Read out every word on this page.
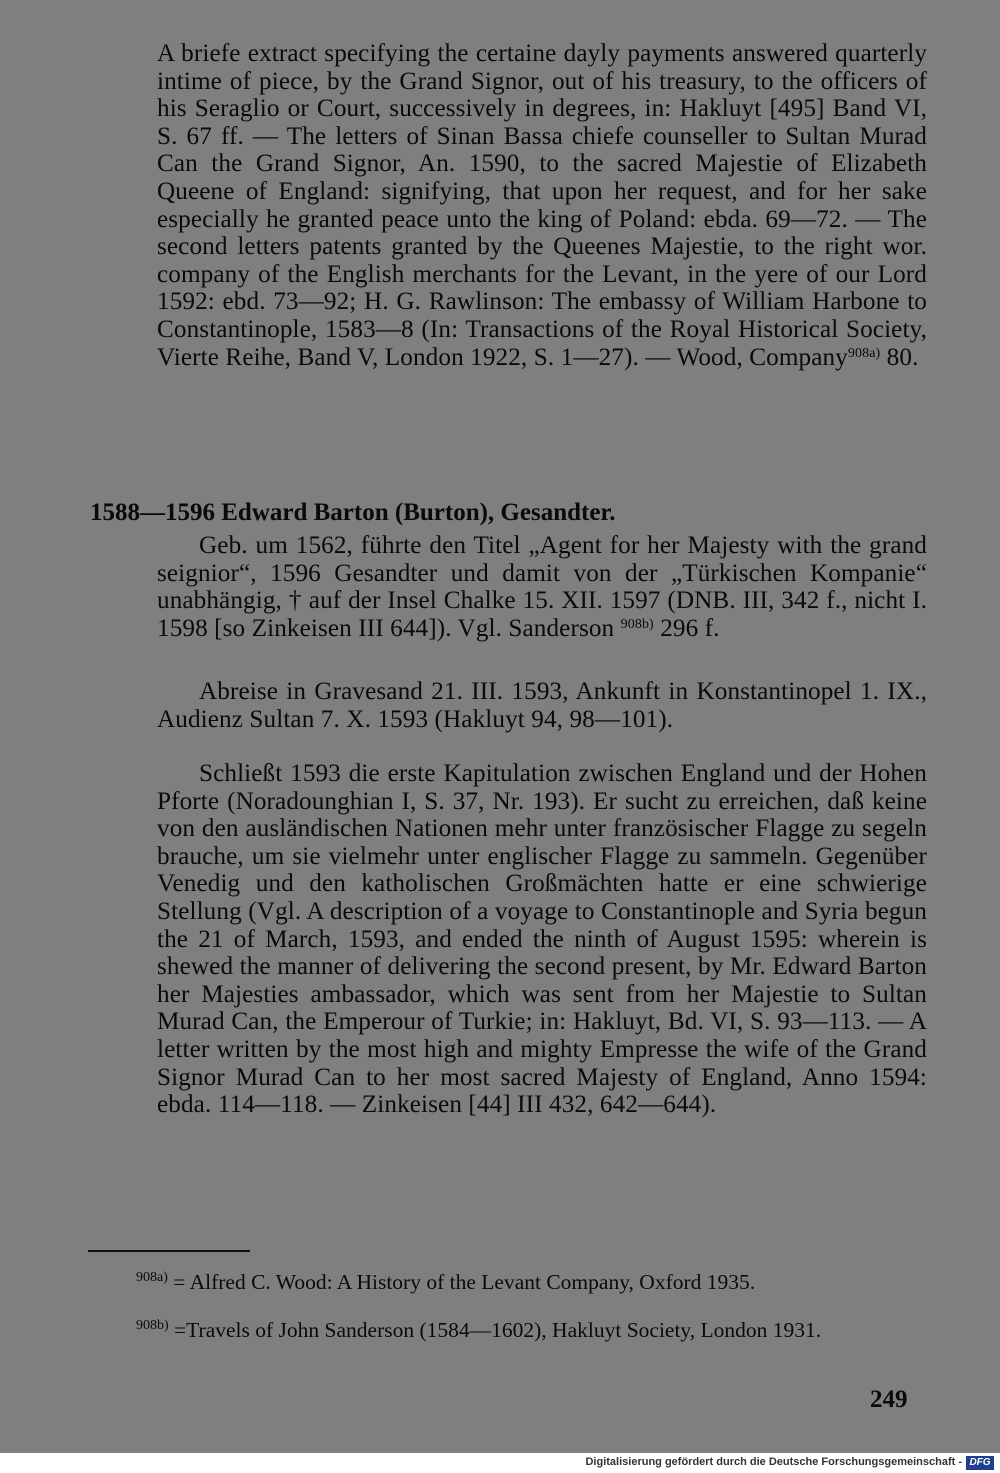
A briefe extract specifying the certaine dayly payments answered quarterly intime of piece, by the Grand Signor, out of his treasury, to the officers of his Seraglio or Court, successively in degrees, in: Hakluyt [495] Band VI, S. 67 ff. — The letters of Sinan Bassa chiefe counseller to Sultan Murad Can the Grand Signor, An. 1590, to the sacred Majestie of Elizabeth Queene of England: signifying, that upon her request, and for her sake especially he granted peace unto the king of Poland: ebda. 69—72. — The second letters patents granted by the Queenes Majestie, to the right wor. company of the English merchants for the Levant, in the yere of our Lord 1592: ebd. 73—92; H. G. Rawlinson: The embassy of William Harbone to Constantinople, 1583—8 (In: Transactions of the Royal Historical Society, Vierte Reihe, Band V, London 1922, S. 1—27). — Wood, Company$^{908a)}$ 80.

1588—1596 Edward Barton (Burton), Gesandter.

Geb. um 1562, führte den Titel „Agent for her Majesty with the grand seignior“, 1596 Gesandter und damit von der „Türkischen Kompanie“ unabhängig, † auf der Insel Chalke 15. XII. 1597 (DNB. III, 342 f., nicht I. 1598 [so Zinkeisen III 644]). Vgl. Sanderson $^{908b)}$ 296 f.

Abreise in Gravesand 21. III. 1593, Ankunft in Konstantinopel 1. IX., Audienz Sultan 7. X. 1593 (Hakluyt 94, 98—101).

Schließt 1593 die erste Kapitulation zwischen England und der Hohen Pforte (Noradounghian I, S. 37, Nr. 193). Er sucht zu erreichen, daß keine von den ausländischen Nationen mehr unter französischer Flagge zu segeln brauche, um sie vielmehr unter englischer Flagge zu sammeln. Gegenüber Venedig und den katholischen Großmächten hatte er eine schwierige Stellung (Vgl. A description of a voyage to Constantinople and Syria begun the 21 of March, 1593, and ended the ninth of August 1595: wherein is shewed the manner of delivering the second present, by Mr. Edward Barton her Majesties ambassador, which was sent from her Majestie to Sultan Murad Can, the Emperour of Turkie; in: Hakluyt, Bd. VI, S. 93—113. — A letter written by the most high and mighty Empresse the wife of the Grand Signor Murad Can to her most sacred Majesty of England, Anno 1594: ebda. 114—118. — Zinkeisen [44] III 432, 642—644).

$^{908a)}$ = Alfred C. Wood: A History of the Levant Company, Oxford 1935.

$^{908b)}$ =Travels of John Sanderson (1584—1602), Hakluyt Society, London 1931.

249
Digitalisierung gefördert durch die Deutsche Forschungsgemeinschaft - DFG
